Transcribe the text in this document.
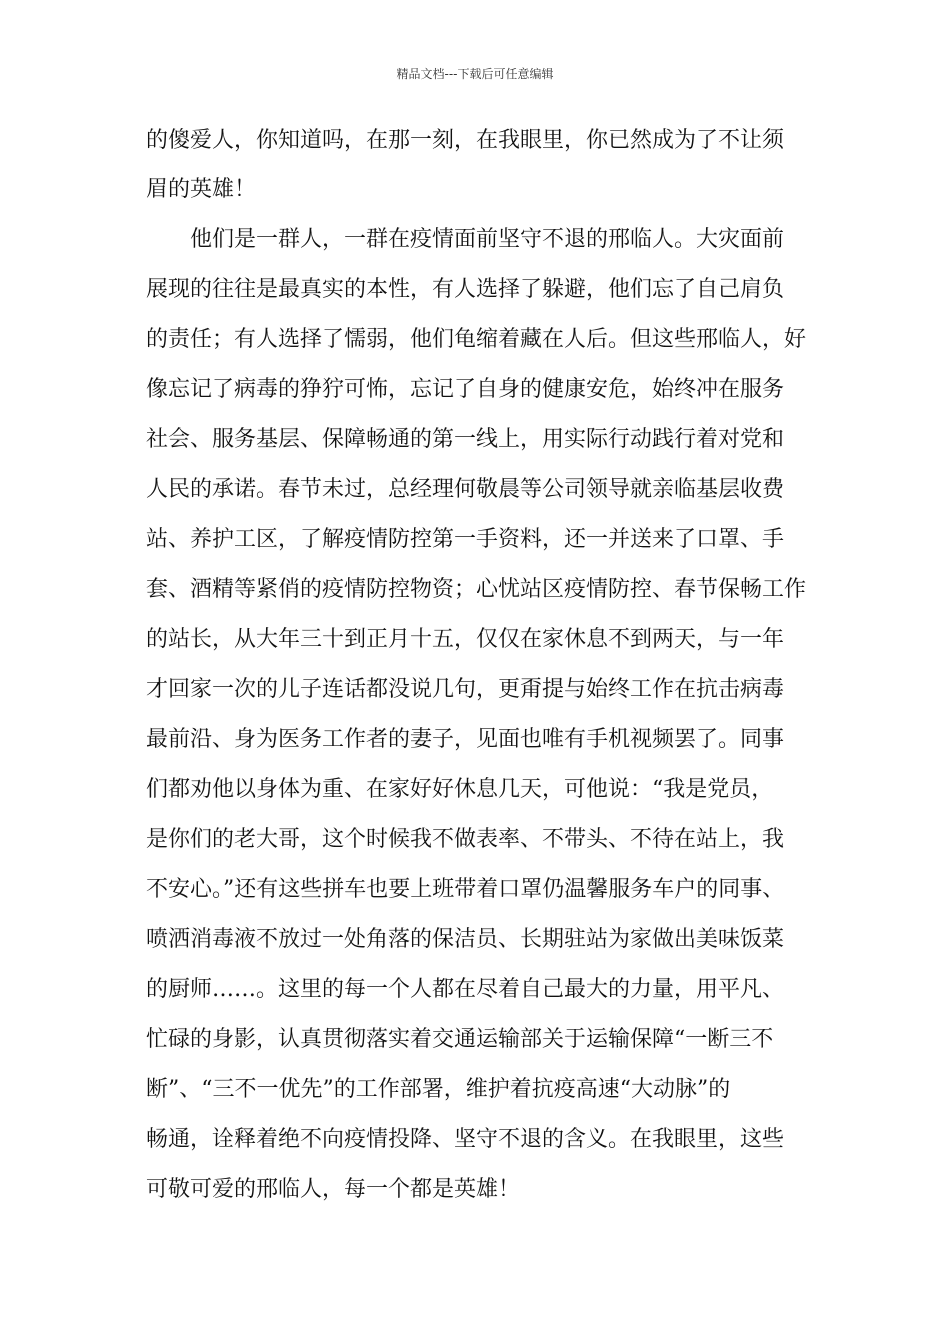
精品文档---下载后可任意编辑
的傻爱人，你知道吗，在那一刻，在我眼里，你已然成为了不让须
眉的英雄！
他们是一群人，一群在疫情面前坚守不退的邢临人。大灾面前
展现的往往是最真实的本性，有人选择了躲避，他们忘了自己肩负
的责任；有人选择了懦弱，他们龟缩着藏在人后。但这些邢临人，好
像忘记了病毒的狰狞可怖，忘记了自身的健康安危，始终冲在服务
社会、服务基层、保障畅通的第一线上，用实际行动践行着对党和
人民的承诺。春节未过，总经理何敬晨等公司领导就亲临基层收费
站、养护工区，了解疫情防控第一手资料，还一并送来了口罩、手
套、酒精等紧俏的疫情防控物资；心忧站区疫情防控、春节保畅工作
的站长，从大年三十到正月十五，仅仅在家休息不到两天，与一年
才回家一次的儿子连话都没说几句，更甭提与始终工作在抗击病毒
最前沿、身为医务工作者的妻子，见面也唯有手机视频罢了。同事
们都劝他以身体为重、在家好好休息几天，可他说：“我是党员，
是你们的老大哥，这个时候我不做表率、不带头、不待在站上，我
不安心。”还有这些拼车也要上班带着口罩仍温馨服务车户的同事、
喷洒消毒液不放过一处角落的保洁员、长期驻站为家做出美味饭菜
的厨师……。这里的每一个人都在尽着自己最大的力量，用平凡、
忙碌的身影，认真贯彻落实着交通运输部关于运输保障“一断三不
断”、“三不一优先”的工作部署，维护着抗疫高速“大动脉”的
畅通，诠释着绝不向疫情投降、坚守不退的含义。在我眼里，这些
可敬可爱的邢临人，每一个都是英雄！
